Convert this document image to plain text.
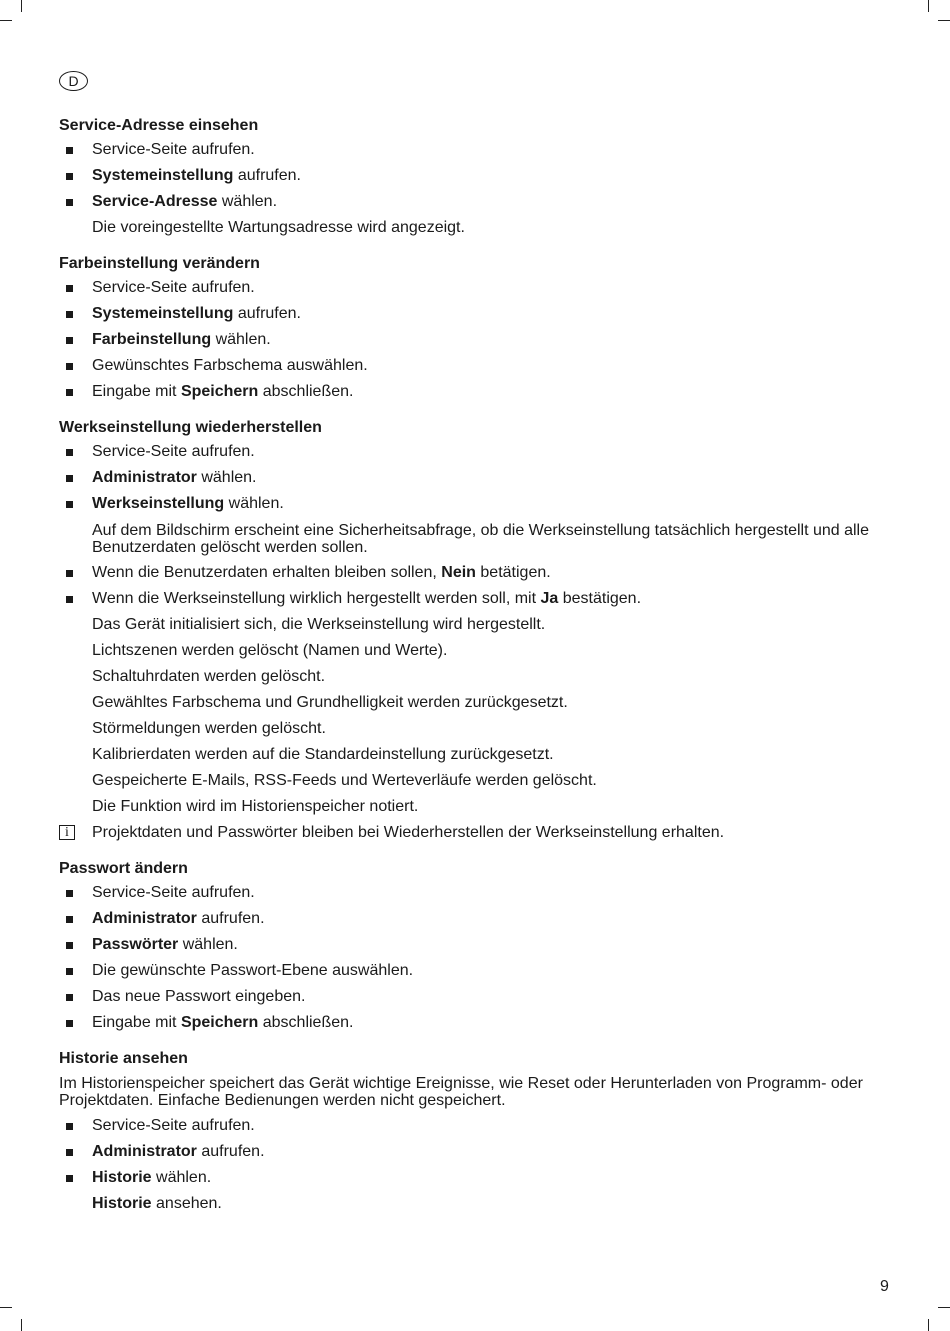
D
Service-Adresse einsehen
Service-Seite aufrufen.
Systemeinstellung aufrufen.
Service-Adresse wählen.
Die voreingestellte Wartungsadresse wird angezeigt.
Farbeinstellung verändern
Service-Seite aufrufen.
Systemeinstellung aufrufen.
Farbeinstellung wählen.
Gewünschtes Farbschema auswählen.
Eingabe mit Speichern abschließen.
Werkseinstellung wiederherstellen
Service-Seite aufrufen.
Administrator wählen.
Werkseinstellung wählen.
Auf dem Bildschirm erscheint eine Sicherheitsabfrage, ob die Werkseinstellung tatsächlich hergestellt und alle Benutzerdaten gelöscht werden sollen.
Wenn die Benutzerdaten erhalten bleiben sollen, Nein betätigen.
Wenn die Werkseinstellung wirklich hergestellt werden soll, mit Ja bestätigen.
Das Gerät initialisiert sich, die Werkseinstellung wird hergestellt.
Lichtszenen werden gelöscht (Namen und Werte).
Schaltuhrdaten werden gelöscht.
Gewähltes Farbschema und Grundhelligkeit werden zurückgesetzt.
Störmeldungen werden gelöscht.
Kalibrierdaten werden auf die Standardeinstellung zurückgesetzt.
Gespeicherte E-Mails, RSS-Feeds und Werteverläufe werden gelöscht.
Die Funktion wird im Historienspeicher notiert.
i	Projektdaten und Passwörter bleiben bei Wiederherstellen der Werkseinstellung erhalten.
Passwort ändern
Service-Seite aufrufen.
Administrator aufrufen.
Passwörter wählen.
Die gewünschte Passwort-Ebene auswählen.
Das neue Passwort eingeben.
Eingabe mit Speichern abschließen.
Historie ansehen
Im Historienspeicher speichert das Gerät wichtige Ereignisse, wie Reset oder Herunterladen von Programm- oder Projektdaten. Einfache Bedienungen werden nicht gespeichert.
Service-Seite aufrufen.
Administrator aufrufen.
Historie wählen.
Historie ansehen.
9
